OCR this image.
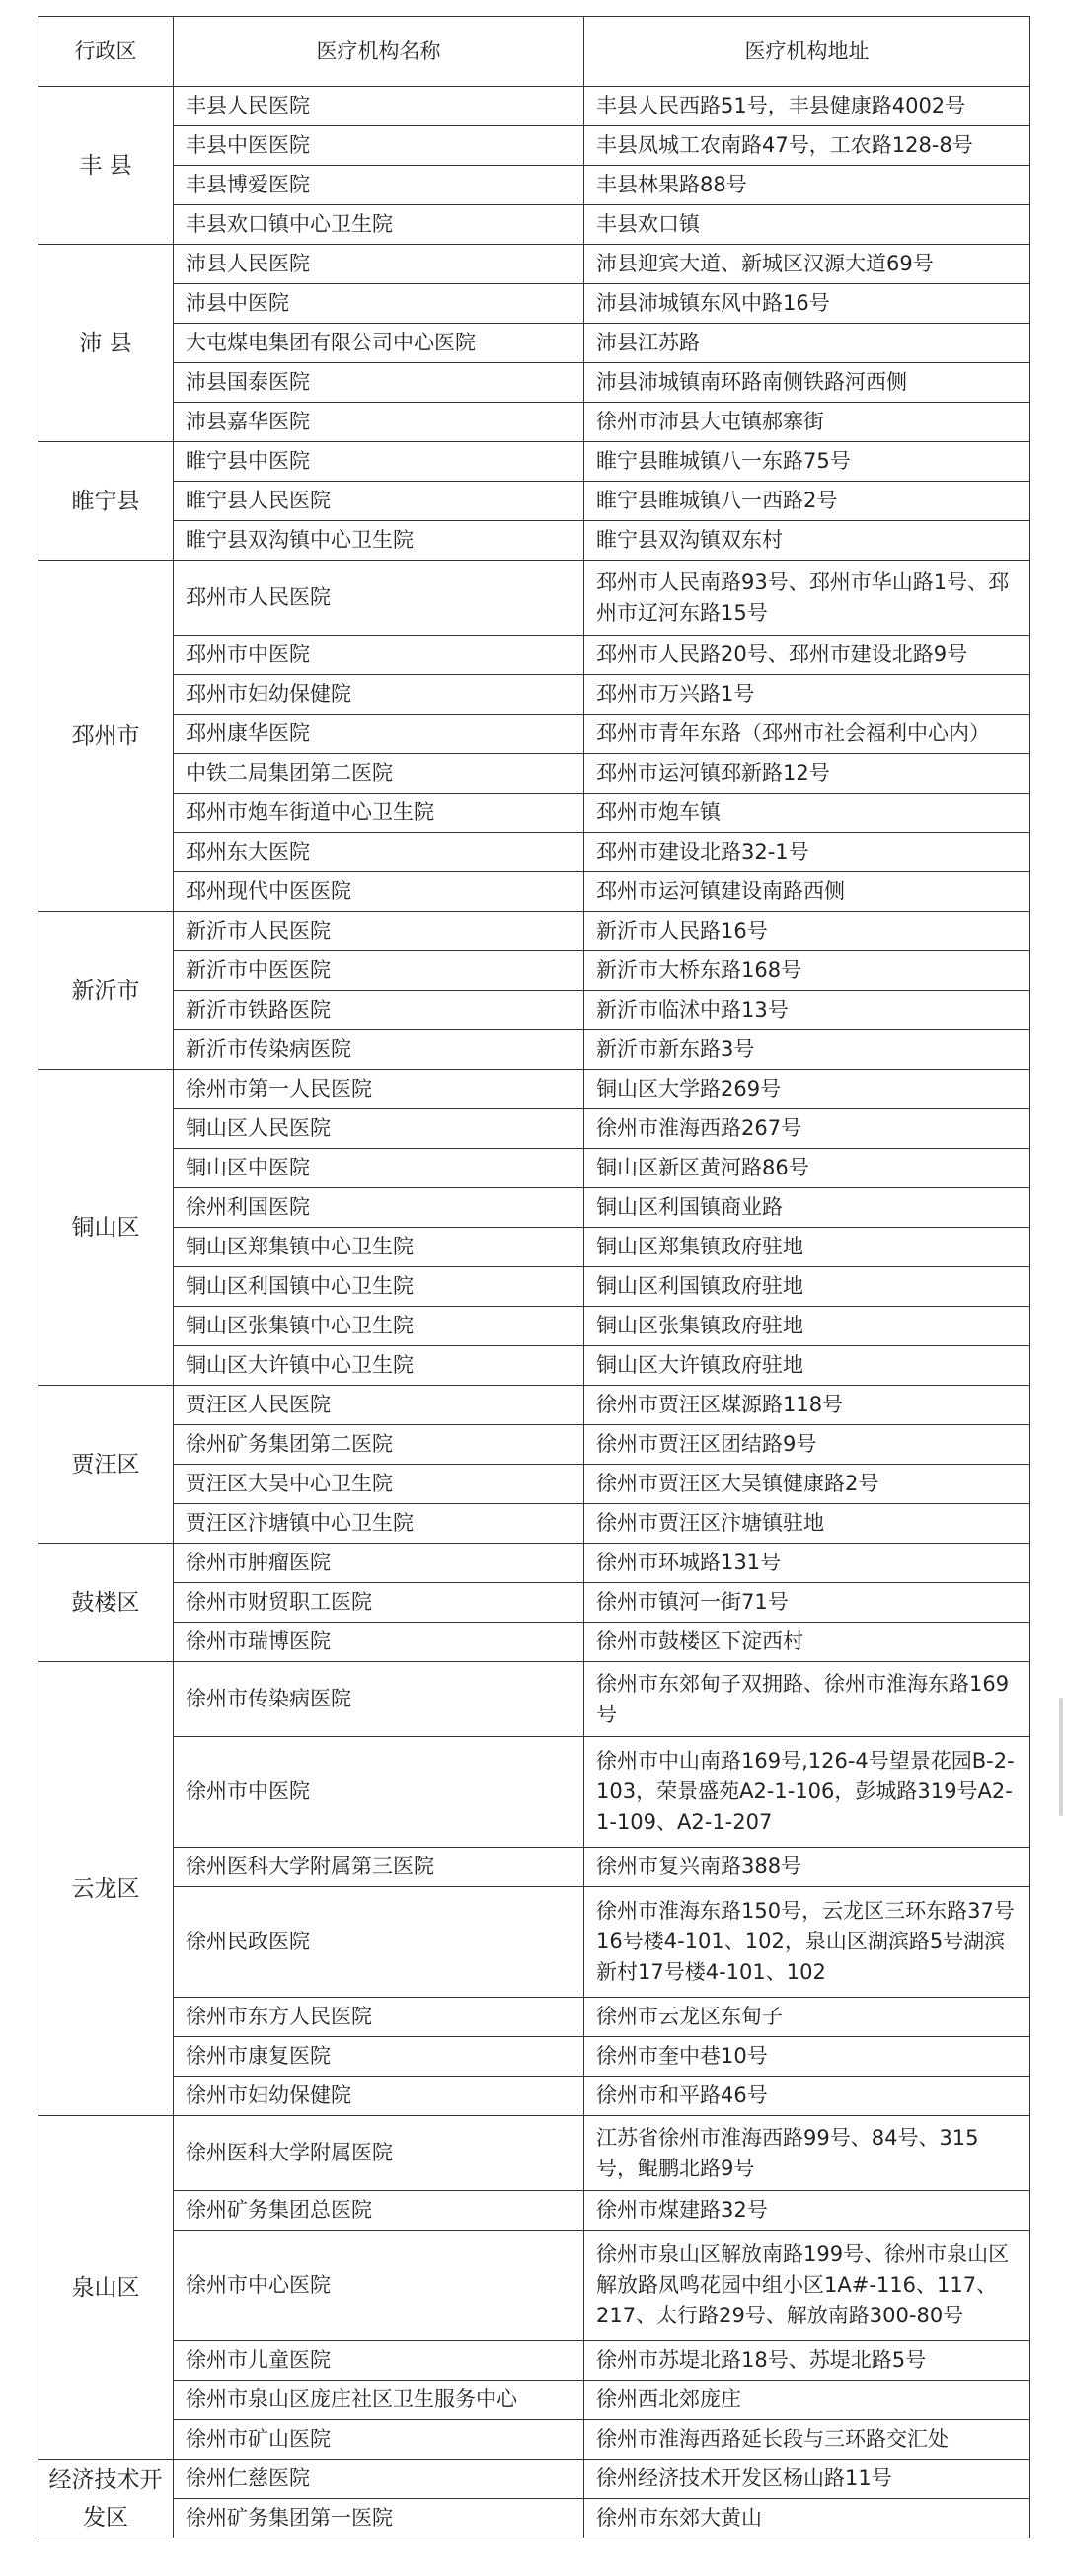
行政区	医疗机构名称	医疗机构地址
丰 县	丰县人民医院	丰县人民西路51号，丰县健康路4002号
	丰县中医医院	丰县凤城工农南路47号，工农路128-8号
	丰县博爱医院	丰县林果路88号
	丰县欢口镇中心卫生院	丰县欢口镇
沛 县	沛县人民医院	沛县迎宾大道、新城区汉源大道69号
	沛县中医院	沛县沛城镇东风中路16号
	大屯煤电集团有限公司中心医院	沛县江苏路
	沛县国泰医院	沛县沛城镇南环路南侧铁路河西侧
	沛县嘉华医院	徐州市沛县大屯镇郝寨街
睢宁县	睢宁县中医院	睢宁县睢城镇八一东路75号
	睢宁县人民医院	睢宁县睢城镇八一西路2号
	睢宁县双沟镇中心卫生院	睢宁县双沟镇双东村
邳州市	邳州市人民医院	邳州市人民南路93号、邳州市华山路1号、邳州市辽河东路15号
	邳州市中医院	邳州市人民路20号、邳州市建设北路9号
	邳州市妇幼保健院	邳州市万兴路1号
	邳州康华医院	邳州市青年东路（邳州市社会福利中心内）
	中铁二局集团第二医院	邳州市运河镇邳新路12号
	邳州市炮车街道中心卫生院	邳州市炮车镇
	邳州东大医院	邳州市建设北路32-1号
	邳州现代中医医院	邳州市运河镇建设南路西侧
新沂市	新沂市人民医院	新沂市人民路16号
	新沂市中医医院	新沂市大桥东路168号
	新沂市铁路医院	新沂市临沭中路13号
	新沂市传染病医院	新沂市新东路3号
铜山区	徐州市第一人民医院	铜山区大学路269号
	铜山区人民医院	徐州市淮海西路267号
	铜山区中医院	铜山区新区黄河路86号
	徐州利国医院	铜山区利国镇商业路
	铜山区郑集镇中心卫生院	铜山区郑集镇政府驻地
	铜山区利国镇中心卫生院	铜山区利国镇政府驻地
	铜山区张集镇中心卫生院	铜山区张集镇政府驻地
	铜山区大许镇中心卫生院	铜山区大许镇政府驻地
贾汪区	贾汪区人民医院	徐州市贾汪区煤源路118号
	徐州矿务集团第二医院	徐州市贾汪区团结路9号
	贾汪区大吴中心卫生院	徐州市贾汪区大吴镇健康路2号
	贾汪区汴塘镇中心卫生院	徐州市贾汪区汴塘镇驻地
鼓楼区	徐州市肿瘤医院	徐州市环城路131号
	徐州市财贸职工医院	徐州市镇河一街71号
	徐州市瑞博医院	徐州市鼓楼区下淀西村
云龙区	徐州市传染病医院	徐州市东郊甸子双拥路、徐州市淮海东路169号
	徐州市中医院	徐州市中山南路169号,126-4号望景花园B-2-103，荣景盛苑A2-1-106，彭城路319号A2-1-109、A2-1-207
	徐州医科大学附属第三医院	徐州市复兴南路388号
	徐州民政医院	徐州市淮海东路150号，云龙区三环东路37号16号楼4-101、102，泉山区湖滨路5号湖滨新村17号楼4-101、102
	徐州市东方人民医院	徐州市云龙区东甸子
	徐州市康复医院	徐州市奎中巷10号
	徐州市妇幼保健院	徐州市和平路46号
泉山区	徐州医科大学附属医院	江苏省徐州市淮海西路99号、84号、315号，鲲鹏北路9号
	徐州矿务集团总医院	徐州市煤建路32号
	徐州市中心医院	徐州市泉山区解放南路199号、徐州市泉山区解放路凤鸣花园中组小区1A#-116、117、217、太行路29号、解放南路300-80号
	徐州市儿童医院	徐州市苏堤北路18号、苏堤北路5号
	徐州市泉山区庞庄社区卫生服务中心	徐州西北郊庞庄
	徐州市矿山医院	徐州市淮海西路延长段与三环路交汇处
经济技术开发区	徐州仁慈医院	徐州经济技术开发区杨山路11号
	徐州矿务集团第一医院	徐州市东郊大黄山
